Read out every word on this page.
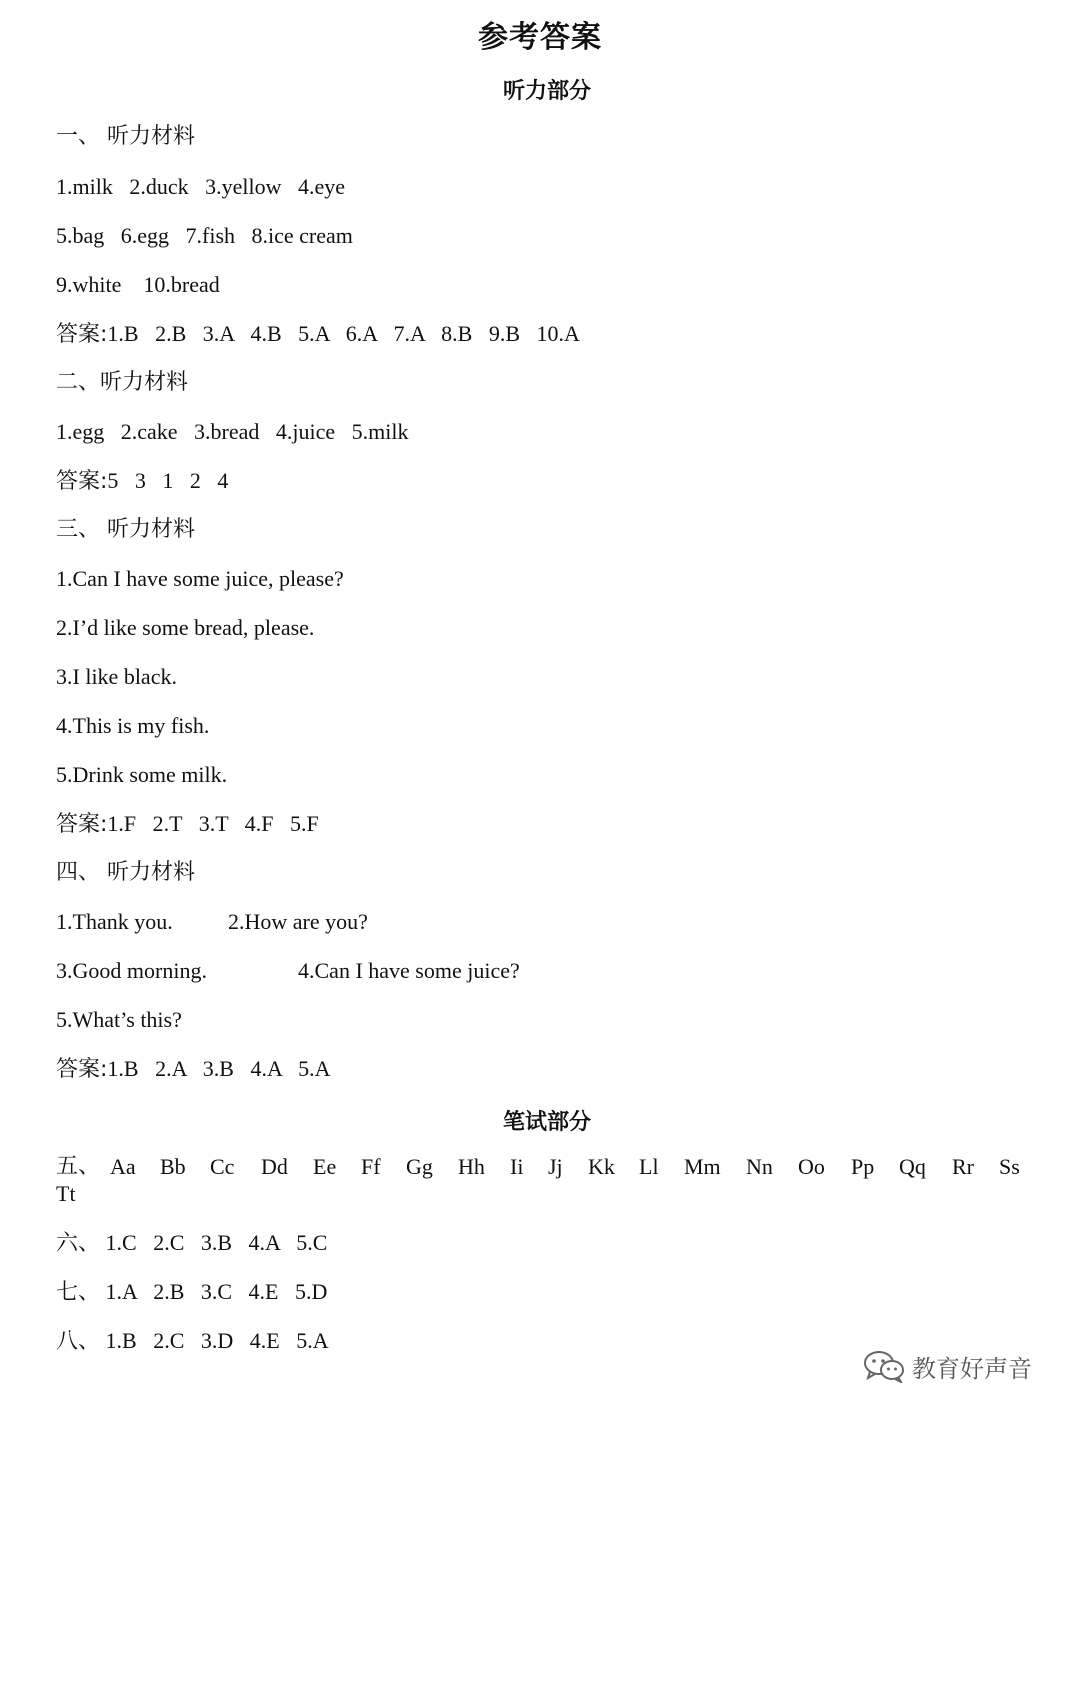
参考答案
听力部分
一、 听力材料
1.milk   2.duck   3.yellow   4.eye
5.bag   6.egg   7.fish   8.ice cream
9.white    10.bread
答案:1.B   2.B   3.A   4.B   5.A   6.A   7.A   8.B   9.B   10.A
二、听力材料
1.egg   2.cake   3.bread   4.juice   5.milk
答案:5   3   1   2   4
三、 听力材料
1.Can I have some juice, please?
2.I’d like some bread, please.
3.I like black.
4.This is my fish.
5.Drink some milk.
答案:1.F   2.T   3.T   4.F   5.F
四、 听力材料
1.Thank you.	2.How are you?
3.Good morning.	4.Can I have some juice?
5.What’s this?
答案:1.B   2.A   3.B   4.A   5.A
笔试部分

五、

Aa

Bb

Cc

Dd

Ee

Ff

Gg

Hh

Ii

Jj

Kk

Ll

Mm

Nn

Oo

Pp

Qq

Rr

Ss

Tt
六、 1.C   2.C   3.B   4.A   5.C
七、 1.A   2.B   3.C   4.E   5.D
八、 1.B   2.C   3.D   4.E   5.A
教育好声音
